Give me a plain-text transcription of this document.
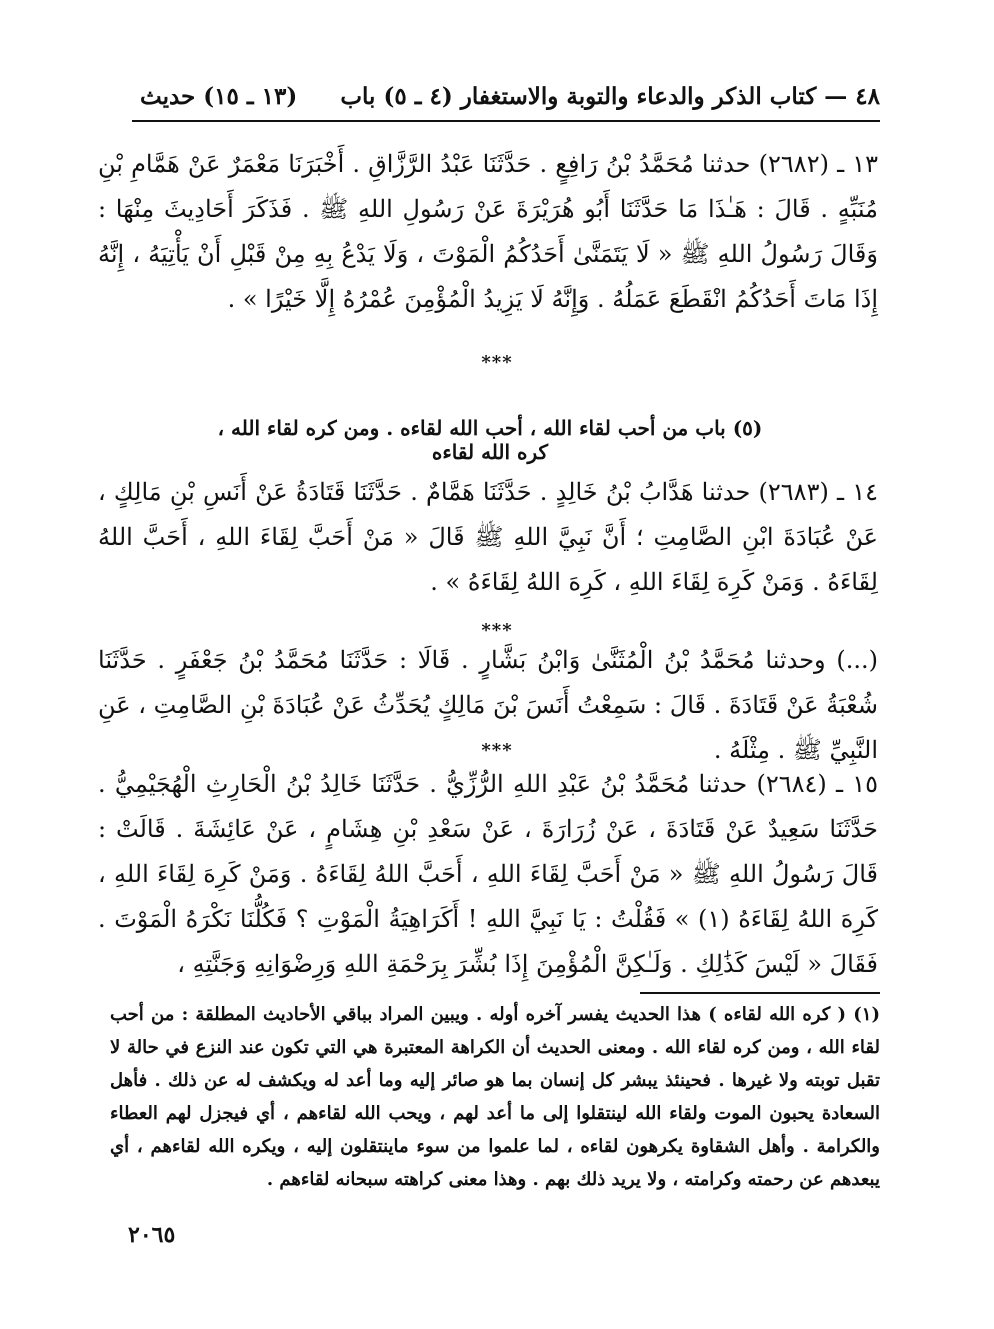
٤٨ — كتاب الذكر والدعاء والتوبة والاستغفار (٤ ـ ٥) باب
(١٣ ـ ١٥) حديث

١٣ ـ (٢٦٨٢) حدثنا مُحَمَّدُ بْنُ رَافِعٍ . حَدَّثَنَا عَبْدُ الرَّزَّاقِ . أَخْبَرَنَا مَعْمَرٌ عَنْ هَمَّامِ بْنِ مُنَبِّهٍ . قَالَ : هَـٰذَا مَا حَدَّثَنَا أَبُو هُرَيْرَةَ عَنْ رَسُولِ اللهِ ﷺ . فَذَكَرَ أَحَادِيثَ مِنْهَا : وَقَالَ رَسُولُ اللهِ ﷺ « لَا يَتَمَنَّىٰ أَحَدُكُمُ الْمَوْتَ ، وَلَا يَدْعُ بِهِ مِنْ قَبْلِ أَنْ يَأْتِيَهُ ، إِنَّهُ إِذَا مَاتَ أَحَدُكُمُ انْقَطَعَ عَمَلُهُ . وَإِنَّهُ لَا يَزِيدُ الْمُؤْمِنَ عُمْرُهُ إِلَّا خَيْرًا » .

***
(٥) باب من أحب لقاء الله ، أحب الله لقاءه . ومن كره لقاء الله ، كره الله لقاءه

١٤ ـ (٢٦٨٣) حدثنا هَدَّابُ بْنُ خَالِدٍ . حَدَّثَنَا هَمَّامٌ . حَدَّثَنَا قَتَادَةُ عَنْ أَنَسِ بْنِ مَالِكٍ ، عَنْ عُبَادَةَ ابْنِ الصَّامِتِ ؛ أَنَّ نَبِيَّ اللهِ ﷺ قَالَ « مَنْ أَحَبَّ لِقَاءَ اللهِ ، أَحَبَّ اللهُ لِقَاءَهُ . وَمَنْ كَرِهَ لِقَاءَ اللهِ ، كَرِهَ اللهُ لِقَاءَهُ » .

***

(...) وحدثنا مُحَمَّدُ بْنُ الْمُثَنَّىٰ وَابْنُ بَشَّارٍ . قَالَا : حَدَّثَنَا مُحَمَّدُ بْنُ جَعْفَرٍ . حَدَّثَنَا شُعْبَةُ عَنْ قَتَادَةَ . قَالَ : سَمِعْتُ أَنَسَ بْنَ مَالِكٍ يُحَدِّثُ عَنْ عُبَادَةَ بْنِ الصَّامِتِ ، عَنِ النَّبِيِّ ﷺ . مِثْلَهُ .

***

١٥ ـ (٢٦٨٤) حدثنا مُحَمَّدُ بْنُ عَبْدِ اللهِ الرُّزِّيُّ . حَدَّثَنَا خَالِدُ بْنُ الْحَارِثِ الْهُجَيْمِيُّ . حَدَّثَنَا سَعِيدٌ عَنْ قَتَادَةَ ، عَنْ زُرَارَةَ ، عَنْ سَعْدِ بْنِ هِشَامٍ ، عَنْ عَائِشَةَ . قَالَتْ : قَالَ رَسُولُ اللهِ ﷺ « مَنْ أَحَبَّ لِقَاءَ اللهِ ، أَحَبَّ اللهُ لِقَاءَهُ . وَمَنْ كَرِهَ لِقَاءَ اللهِ ، كَرِهَ اللهُ لِقَاءَهُ (١) » فَقُلْتُ : يَا نَبِيَّ اللهِ ! أَكَرَاهِيَةُ الْمَوْتِ ؟ فَكُلُّنَا نَكْرَهُ الْمَوْتَ . فَقَالَ « لَيْسَ كَذَٰلِكِ . وَلَـٰكِنَّ الْمُؤْمِنَ إِذَا بُشِّرَ بِرَحْمَةِ اللهِ وَرِضْوَانِهِ وَجَنَّتِهِ ،

(١) ( كره الله لقاءه ) هذا الحديث يفسر آخره أوله . ويبين المراد بباقي الأحاديث المطلقة : من أحب لقاء الله ، ومن كره لقاء الله . ومعنى الحديث أن الكراهة المعتبرة هي التي تكون عند النزع في حالة لا تقبل توبته ولا غيرها . فحينئذ يبشر كل إنسان بما هو صائر إليه وما أعد له ويكشف له عن ذلك . فأهل السعادة يحبون الموت ولقاء الله لينتقلوا إلى ما أعد لهم ، ويحب الله لقاءهم ، أي فيجزل لهم العطاء والكرامة . وأهل الشقاوة يكرهون لقاءه ، لما علموا من سوء ماينتقلون إليه ، ويكره الله لقاءهم ، أي يبعدهم عن رحمته وكرامته ، ولا يريد ذلك بهم . وهذا معنى كراهته سبحانه لقاءهم .

٢٠٦٥
